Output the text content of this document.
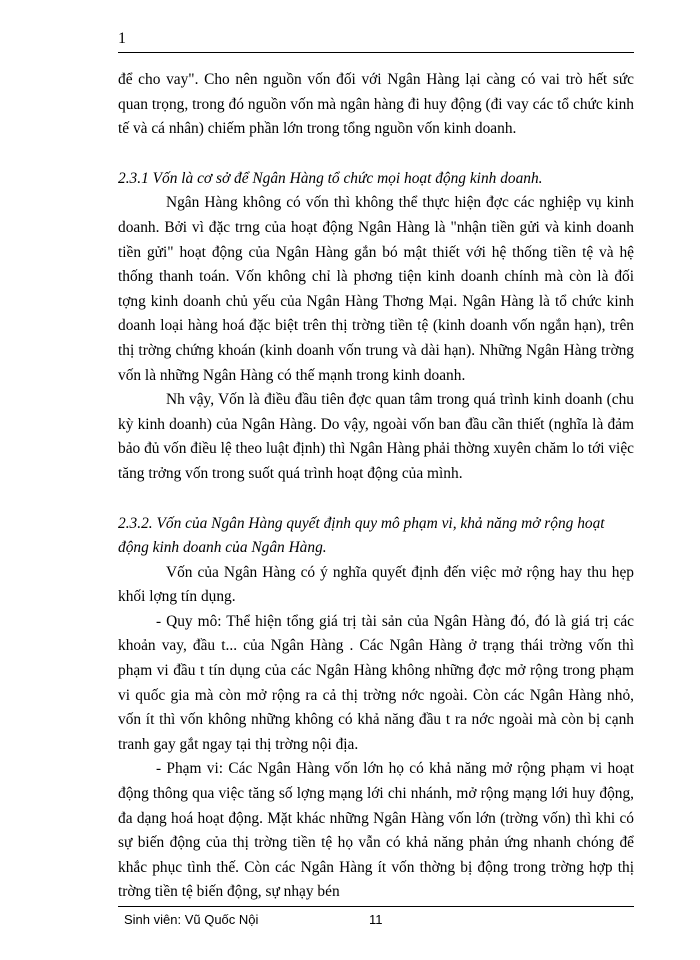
1

để cho vay". Cho nên nguồn vốn đối với Ngân Hàng lại càng có vai trò hết sức quan trọng, trong đó nguồn vốn mà ngân hàng đi huy động (đi vay các tổ chức kinh tế và cá nhân) chiếm phần lớn trong tổng nguồn vốn kinh doanh.

2.3.1 Vốn là cơ sở để Ngân Hàng tổ chức mọi hoạt động kinh doanh.

Ngân Hàng không có vốn thì không thể thực hiện đợc các nghiệp vụ kinh doanh. Bởi vì đặc trng của hoạt động Ngân Hàng là "nhận tiền gửi và kinh doanh tiền gửi" hoạt động của Ngân Hàng gắn bó mật thiết với hệ thống tiền tệ và hệ thống thanh toán. Vốn không chỉ là phơng tiện kinh doanh chính mà còn là đối tợng kinh doanh chủ yếu của Ngân Hàng Thơng Mại. Ngân Hàng là tổ chức kinh doanh loại hàng hoá đặc biệt trên thị trờng tiền tệ (kinh doanh vốn ngắn hạn), trên thị trờng chứng khoán (kinh doanh vốn trung và dài hạn). Những Ngân Hàng trờng vốn là những Ngân Hàng có thế mạnh trong kinh doanh.

Nh vậy, Vốn là điều đầu tiên đợc quan tâm trong quá trình kinh doanh (chu kỳ kinh doanh) của Ngân Hàng. Do vậy, ngoài vốn ban đầu cần thiết (nghĩa là đảm bảo đủ vốn điều lệ theo luật định) thì Ngân Hàng phải thờng xuyên chăm lo tới việc tăng trởng vốn trong suốt quá trình hoạt động của mình.

2.3.2. Vốn của Ngân Hàng quyết định quy mô phạm vi, khả năng mở rộng hoạt động kinh doanh của Ngân Hàng.

Vốn của Ngân Hàng có ý nghĩa quyết định đến việc mở rộng hay thu hẹp khối lợng tín dụng.

- Quy mô: Thể hiện tổng giá trị tài sản của Ngân Hàng đó, đó là giá trị các khoản vay, đầu t... của Ngân Hàng . Các Ngân Hàng ở trạng thái trờng vốn thì phạm vi đầu t tín dụng của các Ngân Hàng không những đợc mở rộng trong phạm vi quốc gia mà còn mở rộng ra cả thị trờng nớc ngoài. Còn các Ngân Hàng nhỏ, vốn ít thì vốn không những không có khả năng đầu t ra nớc ngoài mà còn bị cạnh tranh gay gắt ngay tại thị trờng nội địa.

- Phạm vi: Các Ngân Hàng vốn lớn họ có khả năng mở rộng phạm vi hoạt động thông qua việc tăng số lợng mạng lới chi nhánh, mở rộng mạng lới huy động, đa dạng hoá hoạt động. Mặt khác những Ngân Hàng vốn lớn (trờng vốn) thì khi có sự biến động của thị trờng tiền tệ họ vẫn có khả năng phản ứng nhanh chóng để khắc phục tình thế. Còn các Ngân Hàng ít vốn thờng bị động trong trờng hợp thị trờng tiền tệ biến động, sự nhạy bén

Sinh viên: Vũ Quốc Nội	11
